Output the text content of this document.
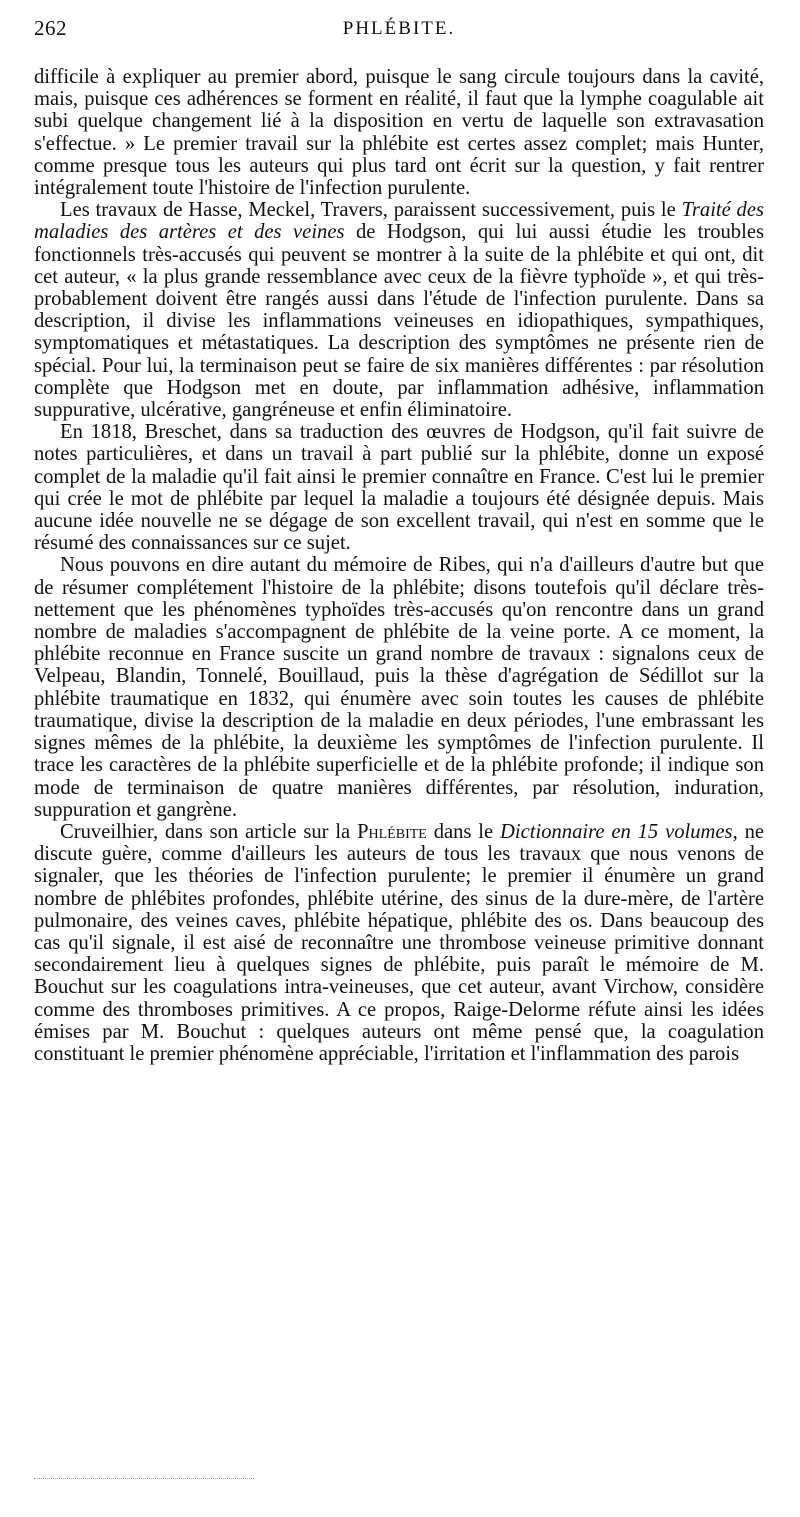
262	PHLÉBITE.

difficile à expliquer au premier abord, puisque le sang circule toujours dans la cavité, mais, puisque ces adhérences se forment en réalité, il faut que la lymphe coagulable ait subi quelque changement lié à la disposition en vertu de laquelle son extravasation s'effectue. » Le premier travail sur la phlébite est certes assez complet; mais Hunter, comme presque tous les auteurs qui plus tard ont écrit sur la question, y fait rentrer intégralement toute l'histoire de l'infection purulente.

Les travaux de Hasse, Meckel, Travers, paraissent successivement, puis le Traité des maladies des artères et des veines de Hodgson, qui lui aussi étudie les troubles fonctionnels très-accusés qui peuvent se montrer à la suite de la phlébite et qui ont, dit cet auteur, « la plus grande ressemblance avec ceux de la fièvre typhoïde », et qui très-probablement doivent être rangés aussi dans l'étude de l'infection purulente. Dans sa description, il divise les inflammations veineuses en idiopathiques, sympathiques, symptomatiques et métastatiques. La description des symptômes ne présente rien de spécial. Pour lui, la terminaison peut se faire de six manières différentes : par résolution complète que Hodgson met en doute, par inflammation adhésive, inflammation suppurative, ulcérative, gangréneuse et enfin éliminatoire.

En 1818, Breschet, dans sa traduction des œuvres de Hodgson, qu'il fait suivre de notes particulières, et dans un travail à part publié sur la phlébite, donne un exposé complet de la maladie qu'il fait ainsi le premier connaître en France. C'est lui le premier qui crée le mot de phlébite par lequel la maladie a toujours été désignée depuis. Mais aucune idée nouvelle ne se dégage de son excellent travail, qui n'est en somme que le résumé des connaissances sur ce sujet.

Nous pouvons en dire autant du mémoire de Ribes, qui n'a d'ailleurs d'autre but que de résumer complétement l'histoire de la phlébite; disons toutefois qu'il déclare très-nettement que les phénomènes typhoïdes très-accusés qu'on rencontre dans un grand nombre de maladies s'accompagnent de phlébite de la veine porte. A ce moment, la phlébite reconnue en France suscite un grand nombre de travaux : signalons ceux de Velpeau, Blandin, Tonnelé, Bouillaud, puis la thèse d'agrégation de Sédillot sur la phlébite traumatique en 1832, qui énumère avec soin toutes les causes de phlébite traumatique, divise la description de la maladie en deux périodes, l'une embrassant les signes mêmes de la phlébite, la deuxième les symptômes de l'infection purulente. Il trace les caractères de la phlébite superficielle et de la phlébite profonde; il indique son mode de terminaison de quatre manières différentes, par résolution, induration, suppuration et gangrène.

Cruveilhier, dans son article sur la Phlébite dans le Dictionnaire en 15 volumes, ne discute guère, comme d'ailleurs les auteurs de tous les travaux que nous venons de signaler, que les théories de l'infection purulente; le premier il énumère un grand nombre de phlébites profondes, phlébite utérine, des sinus de la dure-mère, de l'artère pulmonaire, des veines caves, phlébite hépatique, phlébite des os. Dans beaucoup des cas qu'il signale, il est aisé de reconnaître une thrombose veineuse primitive donnant secondairement lieu à quelques signes de phlébite, puis paraît le mémoire de M. Bouchut sur les coagulations intra-veineuses, que cet auteur, avant Virchow, considère comme des thromboses primitives. A ce propos, Raige-Delorme réfute ainsi les idées émises par M. Bouchut : quelques auteurs ont même pensé que, la coagulation constituant le premier phénomène appréciable, l'irritation et l'inflammation des parois
